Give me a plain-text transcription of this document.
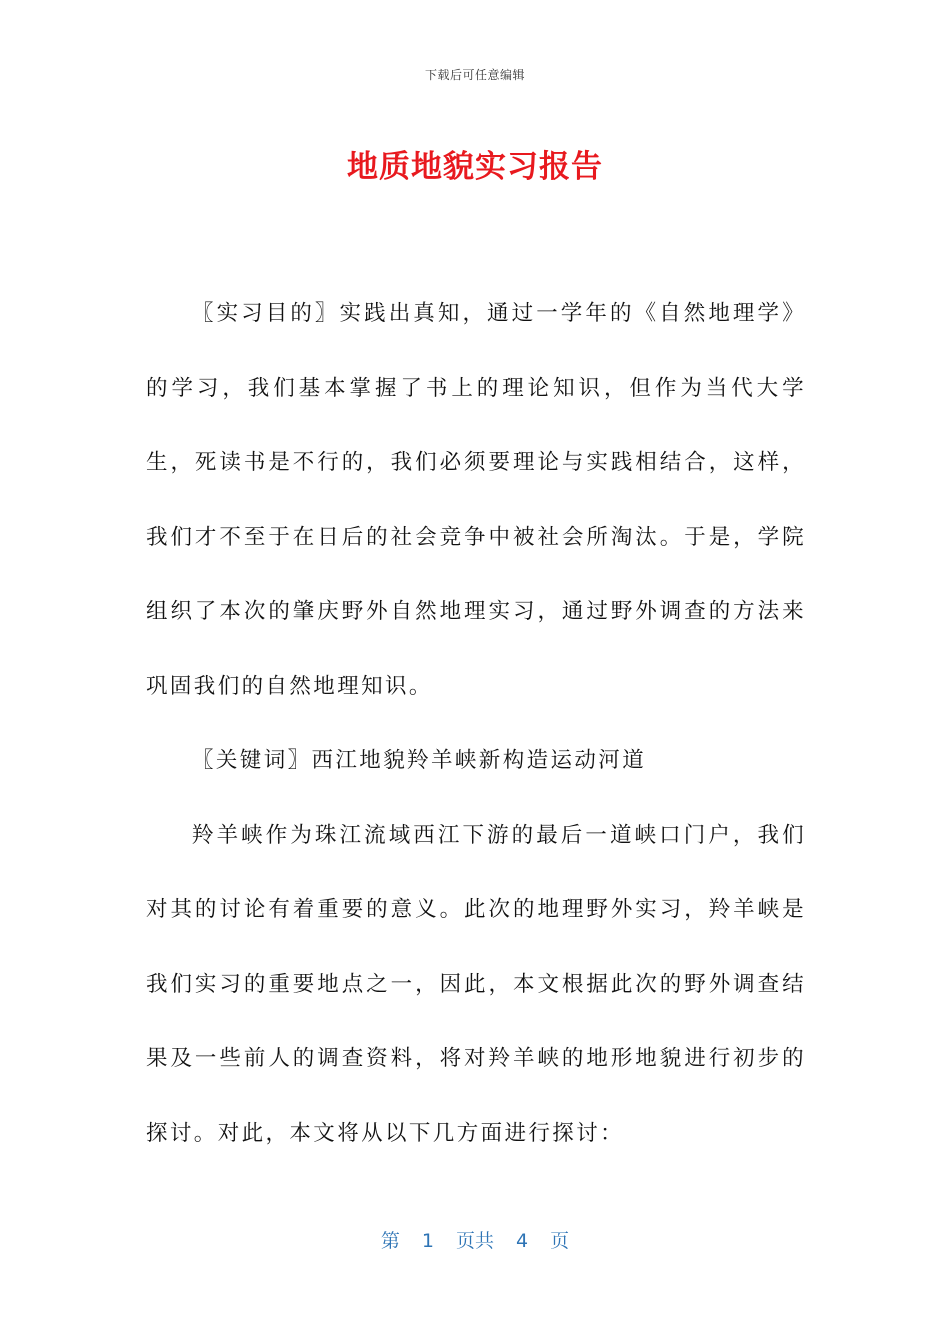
下载后可任意编辑
地质地貌实习报告

〖实习目的〗实践出真知，通过一学年的《自然地理学》的学习，我们基本掌握了书上的理论知识，但作为当代大学生，死读书是不行的，我们必须要理论与实践相结合，这样，我们才不至于在日后的社会竞争中被社会所淘汰。于是，学院组织了本次的肇庆野外自然地理实习，通过野外调查的方法来巩固我们的自然地理知识。

〖关键词〗西江地貌羚羊峡新构造运动河道

羚羊峡作为珠江流域西江下游的最后一道峡口门户，我们对其的讨论有着重要的意义。此次的地理野外实习，羚羊峡是我们实习的重要地点之一，因此，本文根据此次的野外调查结果及一些前人的调查资料，将对羚羊峡的地形地貌进行初步的探讨。对此，本文将从以下几方面进行探讨：

第 1 页共 4 页
